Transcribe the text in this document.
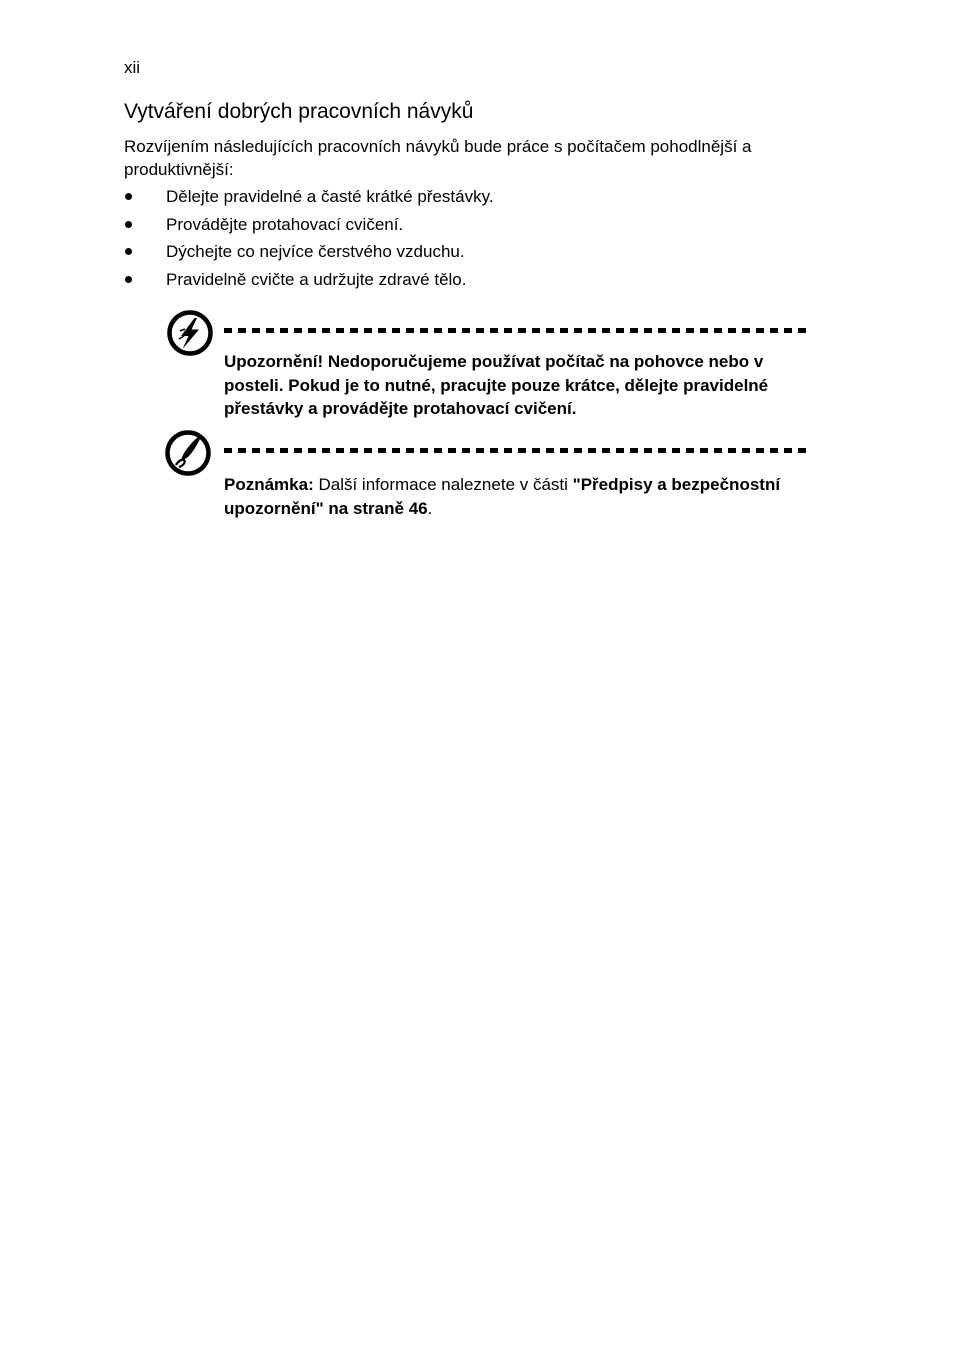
xii
Vytváření dobrých pracovních návyků

Rozvíjením následujících pracovních návyků bude práce s počítačem pohodlnější a produktivnější:

Dělejte pravidelné a časté krátké přestávky.
Provádějte protahovací cvičení.
Dýchejte co nejvíce čerstvého vzduchu.
Pravidelně cvičte a udržujte zdravé tělo.

Upozornění! Nedoporučujeme používat počítač na pohovce nebo v posteli. Pokud je to nutné, pracujte pouze krátce, dělejte pravidelné přestávky a provádějte protahovací cvičení.

Poznámka: Další informace naleznete v části "Předpisy a bezpečnostní upozornění" na straně 46.
